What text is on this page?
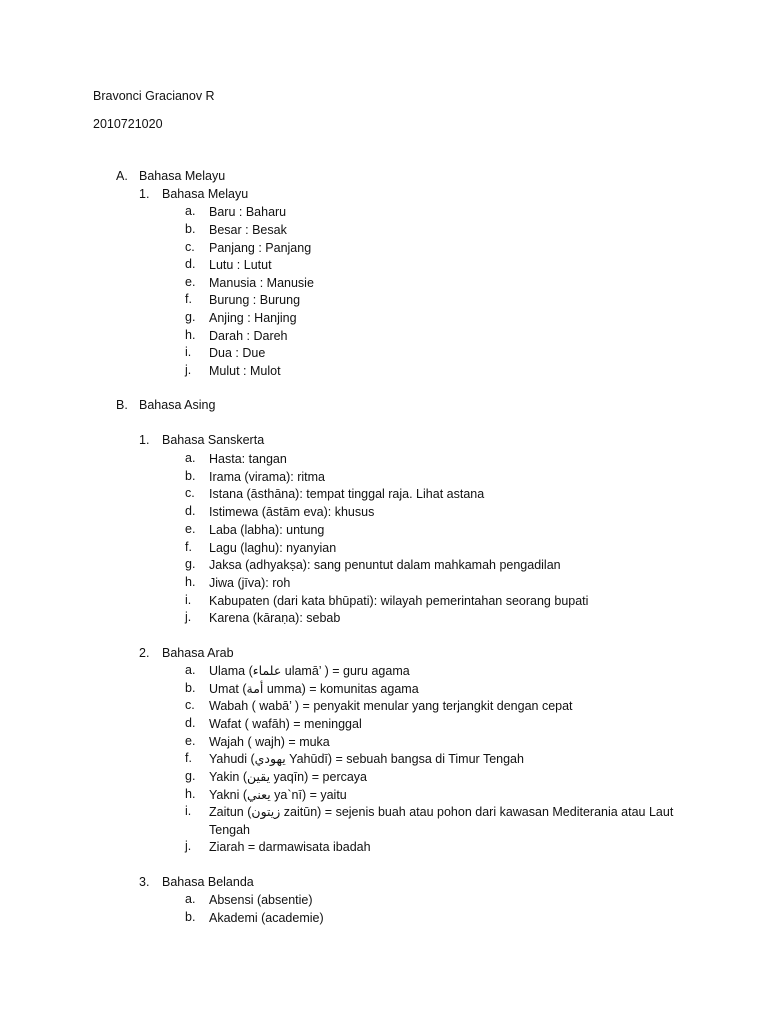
Bravonci Gracianov R
2010721020
A. Bahasa Melayu
1. Bahasa Melayu
a. Baru : Baharu
b. Besar : Besak
c. Panjang : Panjang
d. Lutu : Lutut
e. Manusia : Manusie
f. Burung : Burung
g. Anjing : Hanjing
h. Darah : Dareh
i. Dua : Due
j. Mulut : Mulot
B. Bahasa Asing
1. Bahasa Sanskerta
a. Hasta: tangan
b. Irama (virama): ritma
c. Istana (āsthāna): tempat tinggal raja. Lihat astana
d. Istimewa (āstām eva): khusus
e. Laba (labha): untung
f. Lagu (laghu): nyanyian
g. Jaksa (adhyakṣa): sang penuntut dalam mahkamah pengadilan
h. Jiwa (jīva): roh
i. Kabupaten (dari kata bhūpati): wilayah pemerintahan seorang bupati
j. Karena (kāraṇa): sebab
2. Bahasa Arab
a. Ulama (علماء ulamā’ ) = guru agama
b. Umat (أمة umma) = komunitas agama
c. Wabah ( wabā’ ) = penyakit menular yang terjangkit dengan cepat
d. Wafat ( wafāh) = meninggal
e. Wajah ( wajh) = muka
f. Yahudi (يهودي Yahūdī) = sebuah bangsa di Timur Tengah
g. Yakin (يقين yaqīn) = percaya
h. Yakni (يعني ya`nī) = yaitu
i. Zaitun (زيتون zaitūn) = sejenis buah atau pohon dari kawasan Mediterania atau Laut Tengah
j. Ziarah = darmawisata ibadah
3. Bahasa Belanda
a. Absensi (absentie)
b. Akademi (academie)
